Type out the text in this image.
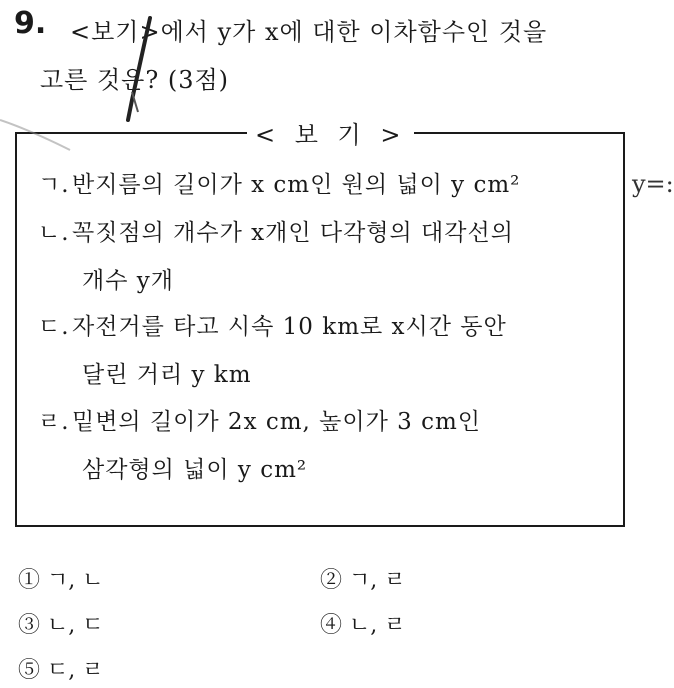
9. <보기>에서 y가 x에 대한 이차함수인 것을
고른 것은? (3점)
< 보 기 >
ㄱ. 반지름의 길이가 x cm인 원의 넓이 y cm²
ㄴ. 꼭짓점의 개수가 x개인 다각형의 대각선의
개수 y개
ㄷ. 자전거를 타고 시속 10 km로 x시간 동안
달린 거리 y km
ㄹ. 밑변의 길이가 2x cm, 높이가 3 cm인
삼각형의 넓이 y cm²
① ㄱ, ㄴ	② ㄱ, ㄹ
③ ㄴ, ㄷ	④ ㄴ, ㄹ
⑤ ㄷ, ㄹ
y=:
